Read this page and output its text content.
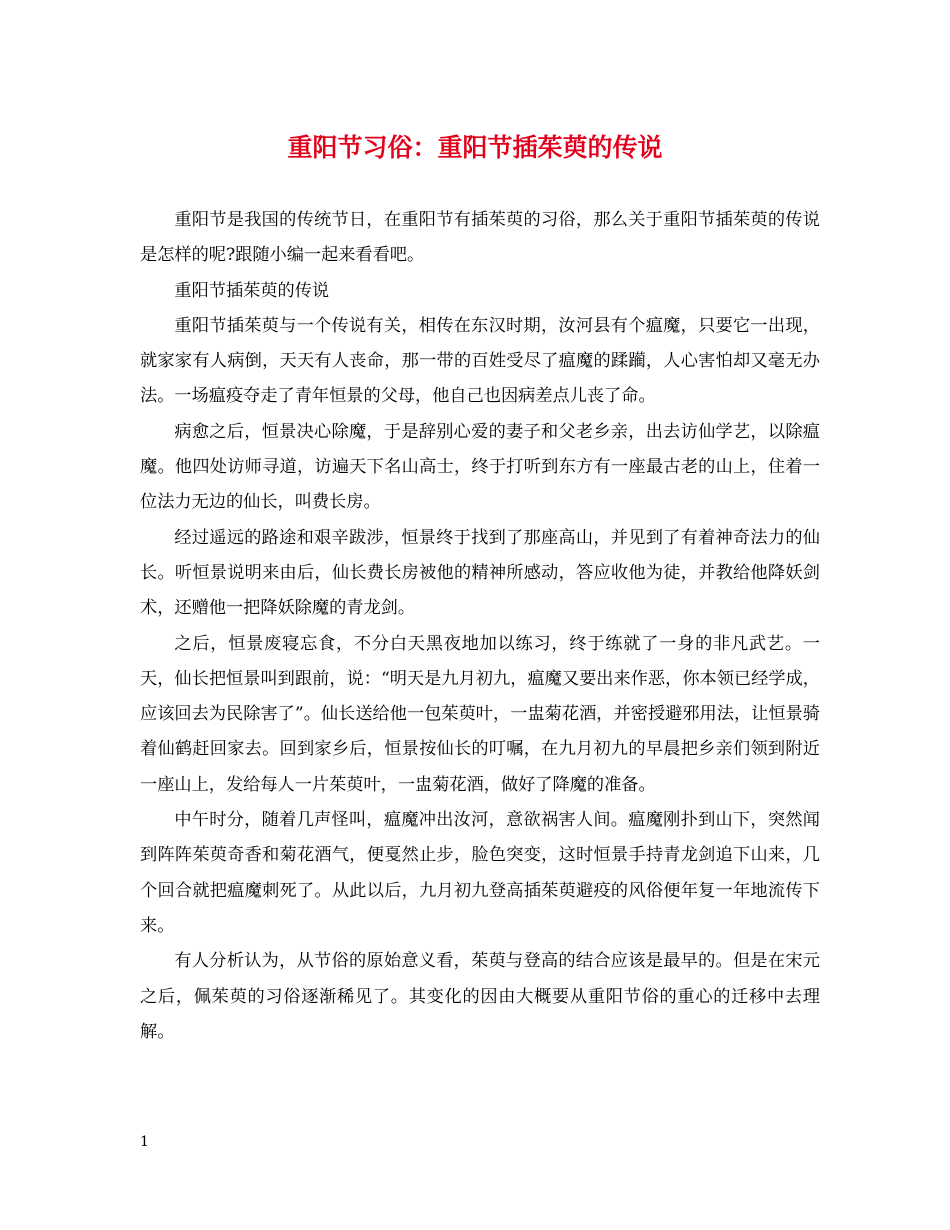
重阳节习俗：重阳节插茱萸的传说

重阳节是我国的传统节日，在重阳节有插茱萸的习俗，那么关于重阳节插茱萸的传说是怎样的呢?跟随小编一起来看看吧。

重阳节插茱萸的传说

重阳节插茱萸与一个传说有关，相传在东汉时期，汝河县有个瘟魔，只要它一出现，就家家有人病倒，天天有人丧命，那一带的百姓受尽了瘟魔的蹂躏，人心害怕却又毫无办法。一场瘟疫夺走了青年恒景的父母，他自己也因病差点儿丧了命。

病愈之后，恒景决心除魔，于是辞别心爱的妻子和父老乡亲，出去访仙学艺，以除瘟魔。他四处访师寻道，访遍天下名山高士，终于打听到东方有一座最古老的山上，住着一位法力无边的仙长，叫费长房。

经过遥远的路途和艰辛跋涉，恒景终于找到了那座高山，并见到了有着神奇法力的仙长。听恒景说明来由后，仙长费长房被他的精神所感动，答应收他为徒，并教给他降妖剑术，还赠他一把降妖除魔的青龙剑。

之后，恒景废寝忘食，不分白天黑夜地加以练习，终于练就了一身的非凡武艺。一天，仙长把恒景叫到跟前，说：“明天是九月初九，瘟魔又要出来作恶，你本领已经学成，应该回去为民除害了”。仙长送给他一包茱萸叶，一盅菊花酒，并密授避邪用法，让恒景骑着仙鹤赶回家去。回到家乡后，恒景按仙长的叮嘱，在九月初九的早晨把乡亲们领到附近一座山上，发给每人一片茱萸叶，一盅菊花酒，做好了降魔的准备。

中午时分，随着几声怪叫，瘟魔冲出汝河，意欲祸害人间。瘟魔刚扑到山下，突然闻到阵阵茱萸奇香和菊花酒气，便戛然止步，脸色突变，这时恒景手持青龙剑追下山来，几个回合就把瘟魔刺死了。从此以后，九月初九登高插茱萸避疫的风俗便年复一年地流传下来。

有人分析认为，从节俗的原始意义看，茱萸与登高的结合应该是最早的。但是在宋元之后，佩茱萸的习俗逐渐稀见了。其变化的因由大概要从重阳节俗的重心的迁移中去理解。

1
